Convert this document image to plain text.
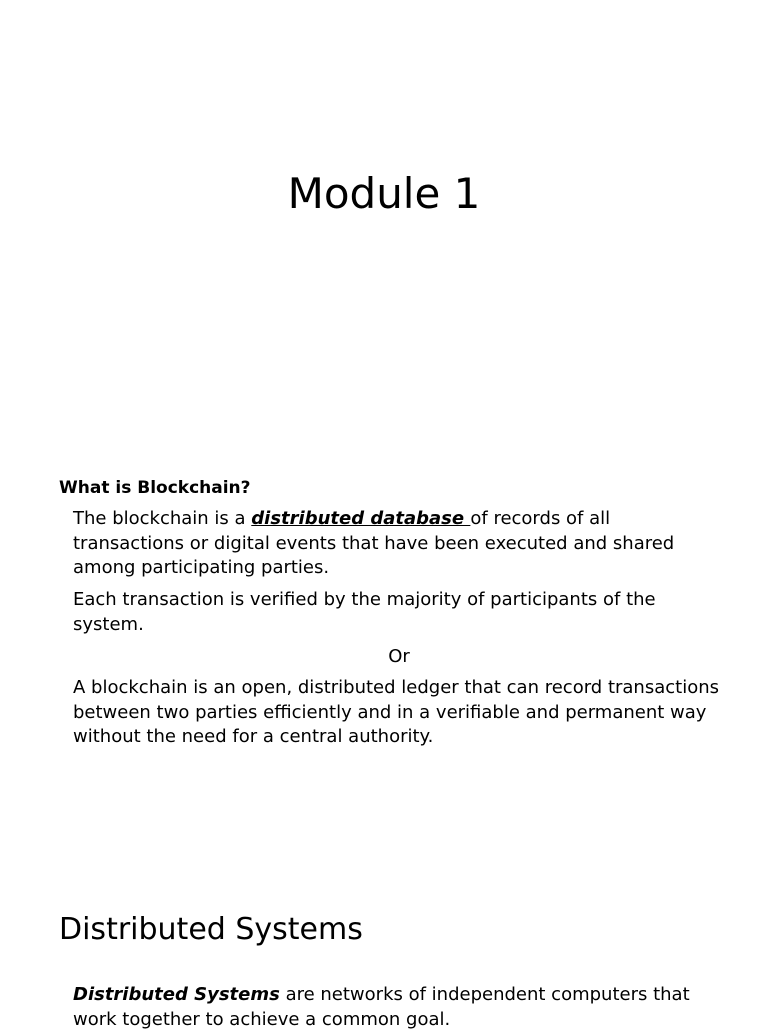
Module 1
What is Blockchain?

The blockchain is a distributed database of records of all transactions or digital events that have been executed and shared among participating parties.

Each transaction is verified by the majority of participants of the system.

Or

A blockchain is an open, distributed ledger that can record transactions between two parties efficiently and in a verifiable and permanent way without the need for a central authority.

Distributed Systems

Distributed Systems are networks of independent computers that work together to achieve a common goal.
